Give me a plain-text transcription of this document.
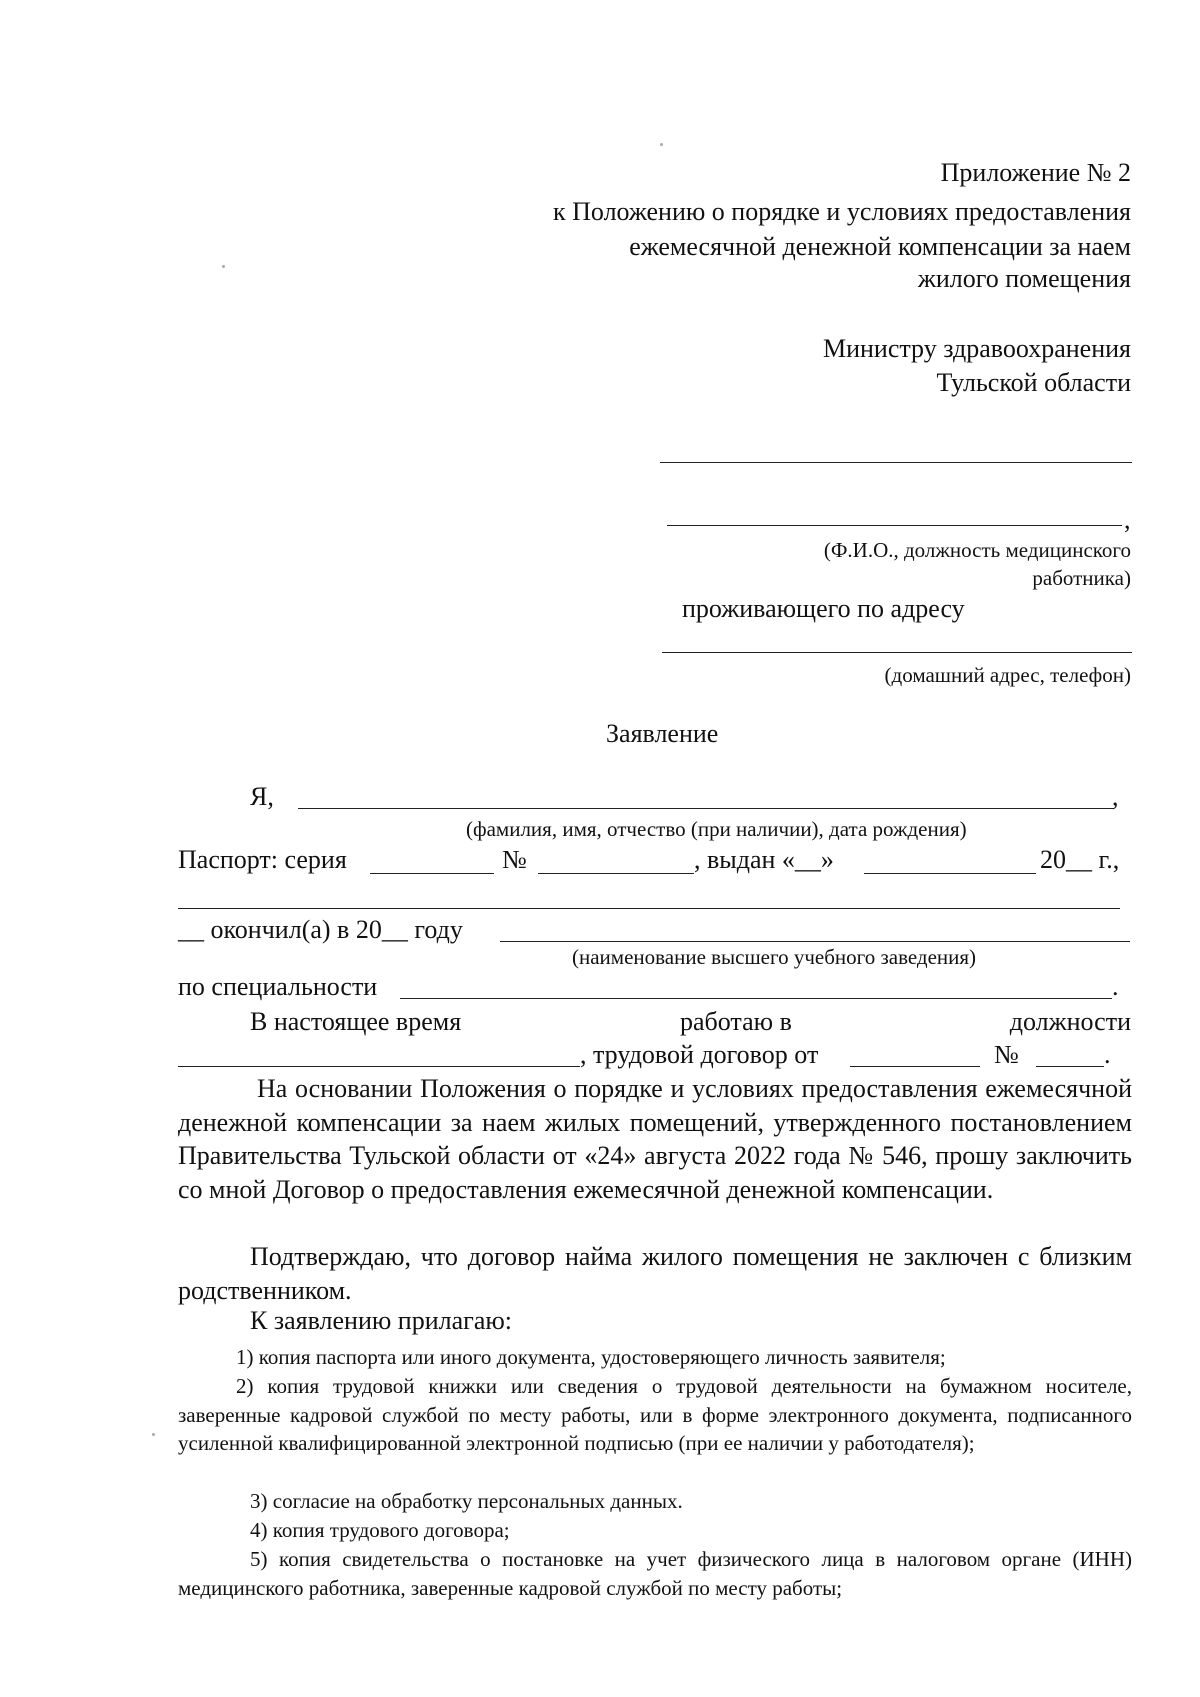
Приложение № 2
к Положению о порядке и условиях предоставления
ежемесячной денежной компенсации за наем
жилого помещения
Министру здравоохранения
Тульской области
,
(Ф.И.О., должность медицинского
работника)
проживающего по адресу
(домашний адрес, телефон)
Заявление
Я,	,
(фамилия, имя, отчество (при наличии), дата рождения)
Паспорт: серия	№	, выдан «__»	20__ г.,
__ окончил(а) в 20__ году
(наименование высшего учебного заведения)
по специальности	.
В настоящее время	работаю в	должности
, трудовой договор от	№	.
На основании Положения о порядке и условиях предоставления ежемесячной денежной компенсации за наем жилых помещений, утвержденного постановлением Правительства Тульской области от «24» августа 2022 года № 546, прошу заключить со мной Договор о предоставления ежемесячной денежной компенсации.
Подтверждаю, что договор найма жилого помещения не заключен с близким родственником.
К заявлению прилагаю:
1) копия паспорта или иного документа, удостоверяющего личность заявителя;
2) копия трудовой книжки или сведения о трудовой деятельности на бумажном носителе, заверенные кадровой службой по месту работы, или в форме электронного документа, подписанного усиленной квалифицированной электронной подписью (при ее наличии у работодателя);
3) согласие на обработку персональных данных.
4) копия трудового договора;
5) копия свидетельства о постановке на учет физического лица в налоговом органе (ИНН) медицинского работника, заверенные кадровой службой по месту работы;
